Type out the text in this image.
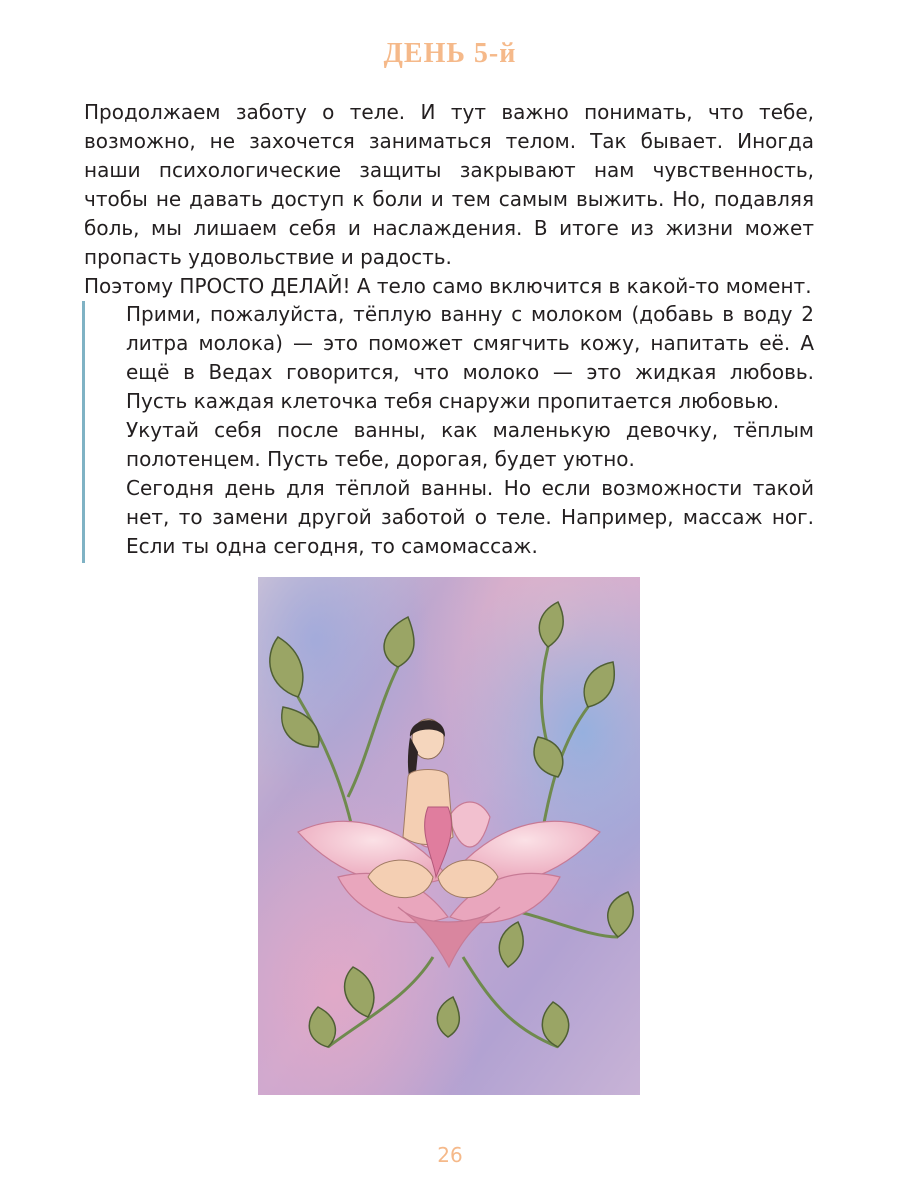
ДЕНЬ 5-й

Продолжаем заботу о теле. И тут важно понимать, что тебе, возможно, не захочется заниматься телом. Так бывает. Иногда наши психологические защиты закрывают нам чувственность, чтобы не давать доступ к боли и тем самым выжить. Но, подавляя боль, мы лишаем себя и наслаждения. В итоге из жизни может пропасть удовольствие и радость.

Поэтому ПРОСТО ДЕЛАЙ! А тело само включится в какой-то момент.

Прими, пожалуйста, тёплую ванну с молоком (добавь в воду 2 литра молока) — это поможет смягчить кожу, напитать её. А ещё в Ведах говорится, что молоко — это жидкая любовь. Пусть каждая клеточка тебя снаружи пропитается любовью.

Укутай себя после ванны, как маленькую девочку, тёплым полотенцем. Пусть тебе, дорогая, будет уютно.

Сегодня день для тёплой ванны. Но если возможности такой нет, то замени другой заботой о теле. Например, массаж ног. Если ты одна сегодня, то самомассаж.

26
